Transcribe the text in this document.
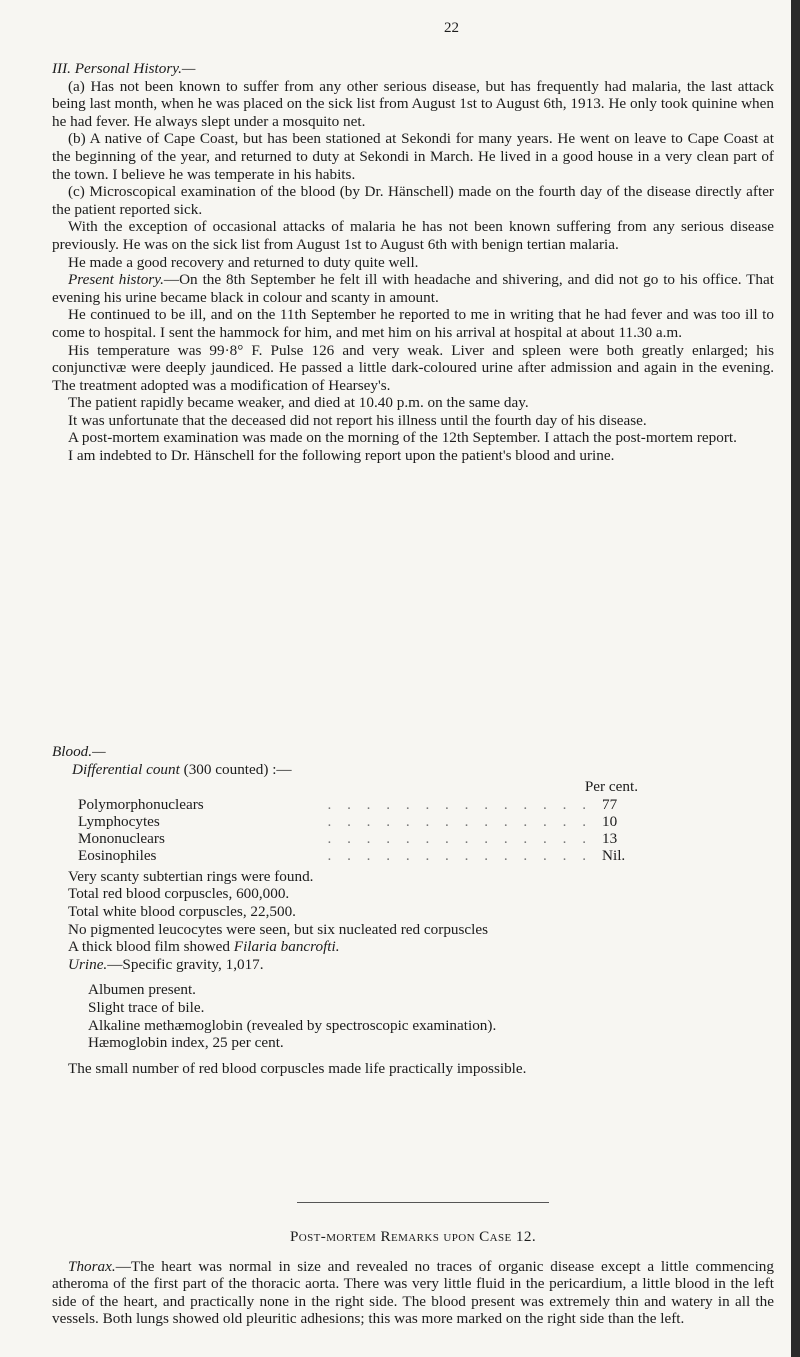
22

III. Personal History.—

(a) Has not been known to suffer from any other serious disease, but has frequently had malaria, the last attack being last month, when he was placed on the sick list from August 1st to August 6th, 1913. He only took quinine when he had fever. He always slept under a mosquito net.

(b) A native of Cape Coast, but has been stationed at Sekondi for many years. He went on leave to Cape Coast at the beginning of the year, and returned to duty at Sekondi in March. He lived in a good house in a very clean part of the town. I believe he was temperate in his habits.

(c) Microscopical examination of the blood (by Dr. Hänschell) made on the fourth day of the disease directly after the patient reported sick.

With the exception of occasional attacks of malaria he has not been known suffering from any serious disease previously. He was on the sick list from August 1st to August 6th with benign tertian malaria.

He made a good recovery and returned to duty quite well.

Present history.—On the 8th September he felt ill with headache and shivering, and did not go to his office. That evening his urine became black in colour and scanty in amount.

He continued to be ill, and on the 11th September he reported to me in writing that he had fever and was too ill to come to hospital. I sent the hammock for him, and met him on his arrival at hospital at about 11.30 a.m.

His temperature was 99·8° F. Pulse 126 and very weak. Liver and spleen were both greatly enlarged; his conjunctivæ were deeply jaundiced. He passed a little dark-coloured urine after admission and again in the evening. The treatment adopted was a modification of Hearsey's.

The patient rapidly became weaker, and died at 10.40 p.m. on the same day.

It was unfortunate that the deceased did not report his illness until the fourth day of his disease.

A post-mortem examination was made on the morning of the 12th September. I attach the post-mortem report.

I am indebted to Dr. Hänschell for the following report upon the patient's blood and urine.

Blood.—

Differential count (300 counted) :—

Per cent.
Polymorphonuclears	. . . . . . . . . . . . . . 77
Lymphocytes	. . . . . . . . . . . . . . 10
Mononuclears	. . . . . . . . . . . . . . 13
Eosinophiles	. . . . . . . . . . . . . . Nil.

Very scanty subtertian rings were found.

Total red blood corpuscles, 600,000.

Total white blood corpuscles, 22,500.

No pigmented leucocytes were seen, but six nucleated red corpuscles

A thick blood film showed Filaria bancrofti.

Urine.—Specific gravity, 1,017.

Albumen present.

Slight trace of bile.

Alkaline methæmoglobin (revealed by spectroscopic examination).

Hæmoglobin index, 25 per cent.

The small number of red blood corpuscles made life practically impossible.

Post-mortem Remarks upon Case 12.

Thorax.—The heart was normal in size and revealed no traces of organic disease except a little commencing atheroma of the first part of the thoracic aorta. There was very little fluid in the pericardium, a little blood in the left side of the heart, and practically none in the right side. The blood present was extremely thin and watery in all the vessels. Both lungs showed old pleuritic adhesions; this was more marked on the right side than the left.
